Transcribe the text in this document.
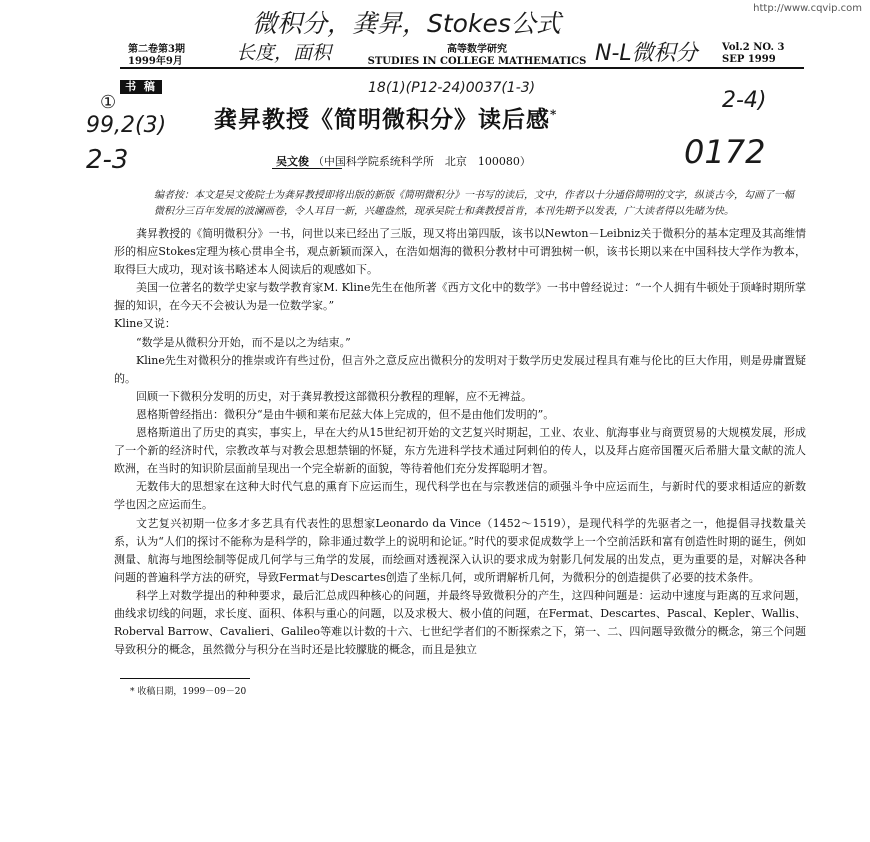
http://www.cqvip.com
微积分，龚昇，Stokes公式
长度，面积	N-L微积分
①
99,2(3)
2-3
18(1)(P12-24)0037(1-3)	2-4)
0172
第二卷第3期
1999年9月
高等数学研究
STUDIES IN COLLEGE MATHEMATICS
Vol.2 NO. 3
SEP 1999
书 稿
龚昇教授《简明微积分》读后感*
吴文俊 （中国科学院系统科学所　北京　100080）
编者按：本文是吴文俊院士为龚昇教授即将出版的新版《简明微积分》一书写的读后，文中，作者以十分通俗简明的文字，纵谈古今，勾画了一幅微积分三百年发展的波澜画卷，令人耳目一新，兴趣盎然，现承吴院士和龚教授首肯，本刊先期予以发表，广大读者得以先睹为快。

龚昇教授的《简明微积分》一书，问世以来已经出了三版，现又将出第四版，该书以Newton－Leibniz关于微积分的基本定理及其高维情形的相应Stokes定理为核心贯串全书，观点新颖而深入，在浩如烟海的微积分教材中可谓独树一帜，该书长期以来在中国科技大学作为教本，取得巨大成功，现对该书略述本人阅读后的观感如下。

美国一位著名的数学史家与数学教育家M. Kline先生在他所著《西方文化中的数学》一书中曾经说过：“一个人拥有牛顿处于顶峰时期所掌握的知识，在今天不会被认为是一位数学家。”

Kline又说：

“数学是从微积分开始，而不是以之为结束。”

Kline先生对微积分的推崇或许有些过份，但言外之意反应出微积分的发明对于数学历史发展过程具有难与伦比的巨大作用，则是毋庸置疑的。

回顾一下微积分发明的历史，对于龚昇教授这部微积分教程的理解，应不无裨益。

恩格斯曾经指出：微积分“是由牛顿和莱布尼兹大体上完成的，但不是由他们发明的”。

恩格斯道出了历史的真实，事实上，早在大约从15世纪初开始的文艺复兴时期起，工业、农业、航海事业与商贾贸易的大规模发展，形成了一个新的经济时代，宗教改革与对教会思想禁锢的怀疑，东方先进科学技术通过阿剌伯的传人，以及拜占庭帝国覆灭后希腊大量文献的流人欧洲，在当时的知识阶层面前呈现出一个完全崭新的面貌，等待着他们充分发挥聪明才智。

无数伟大的思想家在这种大时代气息的熏育下应运而生，现代科学也在与宗教迷信的顽强斗争中应运而生，与新时代的要求相适应的新数学也因之应运而生。

文艺复兴初期一位多才多艺具有代表性的思想家Leonardo da Vince（1452～1519），是现代科学的先驱者之一，他提倡寻找数量关系，认为“人们的探讨不能称为是科学的，除非通过数学上的说明和论证。”时代的要求促成数学上一个空前活跃和富有创造性时期的诞生，例如测量、航海与地图绘制等促成几何学与三角学的发展，而绘画对透视深入认识的要求成为射影几何发展的出发点，更为重要的是，对解决各种问题的普遍科学方法的研究，导致Fermat与Descartes创造了坐标几何，或所谓解析几何，为微积分的创造提供了必要的技术条件。

科学上对数学提出的种种要求，最后汇总成四种核心的问题，并最终导致微积分的产生，这四种问题是：运动中速度与距离的互求问题，曲线求切线的问题，求长度、面积、体积与重心的问题，以及求极大、极小值的问题，在Fermat、Descartes、Pascal、Kepler、Wallis、Roberval Barrow、Cavalieri、Galileo等难以计数的十六、七世纪学者们的不断探索之下，第一、二、四问题导致微分的概念，第三个问题导致积分的概念，虽然微分与积分在当时还是比较朦胧的概念，而且是独立

* 收稿日期，1999－09－20
